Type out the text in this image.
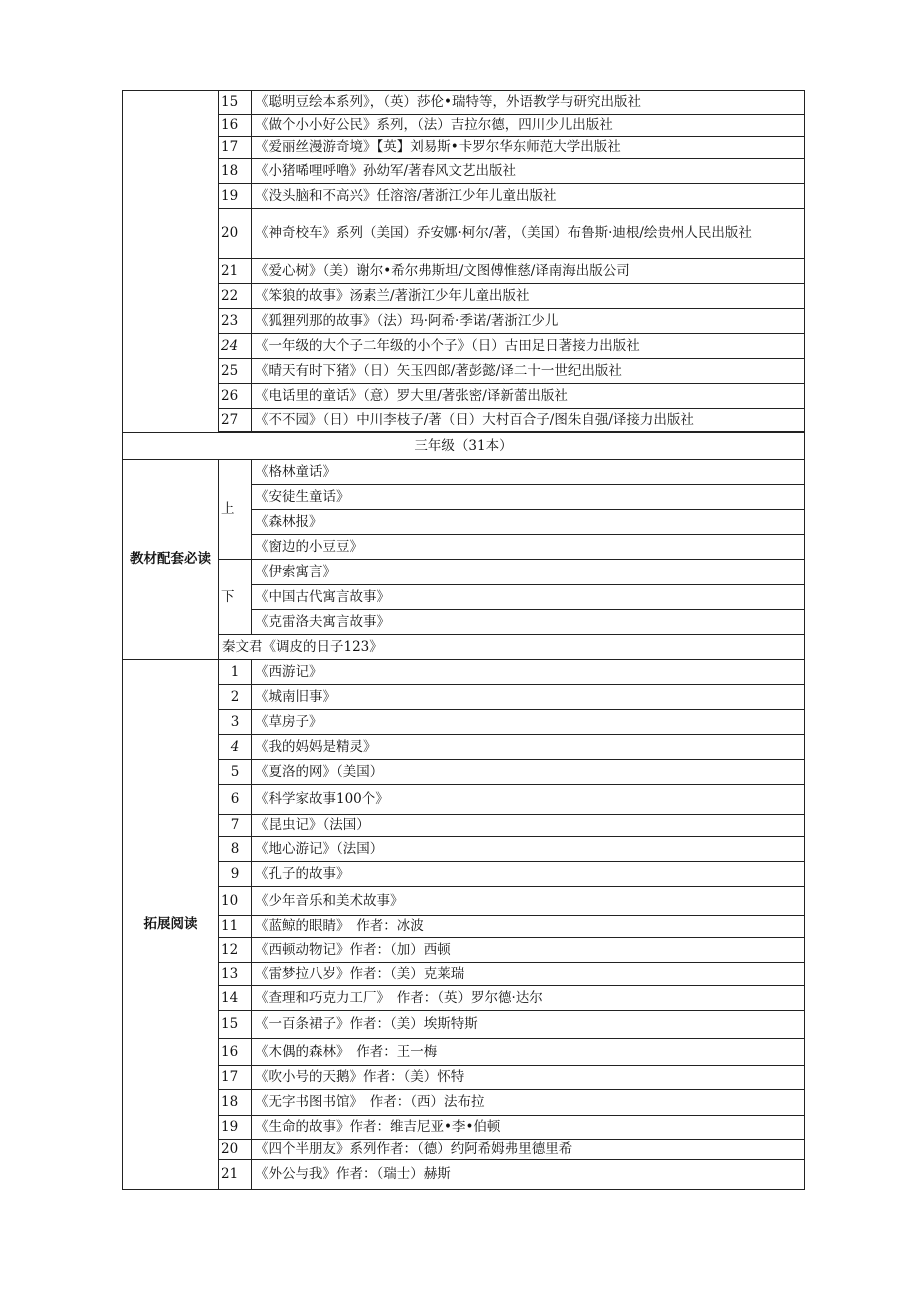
	15	《聪明豆绘本系列》，（英）莎伦•瑞特等，外语教学与研究出版社
	16	《做个小小好公民》系列，（法）吉拉尔德，四川少儿出版社
	17	《爱丽丝漫游奇境》【英】刘易斯•卡罗尔华东师范大学出版社
	18	《小猪唏哩呼噜》孙幼军/著春风文艺出版社
	19	《没头脑和不高兴》任溶溶/著浙江少年儿童出版社
	20	《神奇校车》系列（美国）乔安娜·柯尔/著，（美国）布鲁斯·迪根/绘贵州人民出版社
	21	《爱心树》（美）谢尔•希尔弗斯坦/文图傅惟慈/译南海出版公司
	22	《笨狼的故事》汤素兰/著浙江少年儿童出版社
	23	《狐狸列那的故事》（法）玛·阿希·季诺/著浙江少儿
	24	《一年级的大个子二年级的小个子》（日）古田足日著接力出版社
	25	《晴天有时下猪》（日）矢玉四郎/著彭懿/译二十一世纪出版社
	26	《电话里的童话》（意）罗大里/著张密/译新蕾出版社
	27	《不不园》（日）中川李枝子/著（日）大村百合子/图朱自强/译接力出版社

三年级（31本）		
教材配套必读	上	《格林童话》
		《安徒生童话》
		《森林报》
		《窗边的小豆豆》
	下	《伊索寓言》
		《中国古代寓言故事》
		《克雷洛夫寓言故事》
	秦文君《调皮的日子123》	
拓展阅读	1	《西游记》
	2	《城南旧事》
	3	《草房子》
	4	《我的妈妈是精灵》
	5	《夏洛的网》（美国）
	6	《科学家故事100个》
	7	《昆虫记》（法国）
	8	《地心游记》（法国）
	9	《孔子的故事》
	10	《少年音乐和美术故事》
	11	《蓝鲸的眼睛》　作者：冰波
	12	《西顿动物记》作者：（加）西顿
	13	《雷梦拉八岁》作者：（美）克莱瑞
	14	《查理和巧克力工厂》　作者：（英）罗尔德·达尔
	15	《一百条裙子》作者：（美）埃斯特斯
	16	《木偶的森林》　作者：王一梅
	17	《吹小号的天鹅》作者：（美）怀特
	18	《无字书图书馆》　作者：（西）法布拉
	19	《生命的故事》作者：维吉尼亚•李•伯顿
	20	《四个半朋友》系列作者：（德）约阿希姆弗里德里希
	21	《外公与我》作者：（瑞士）赫斯
